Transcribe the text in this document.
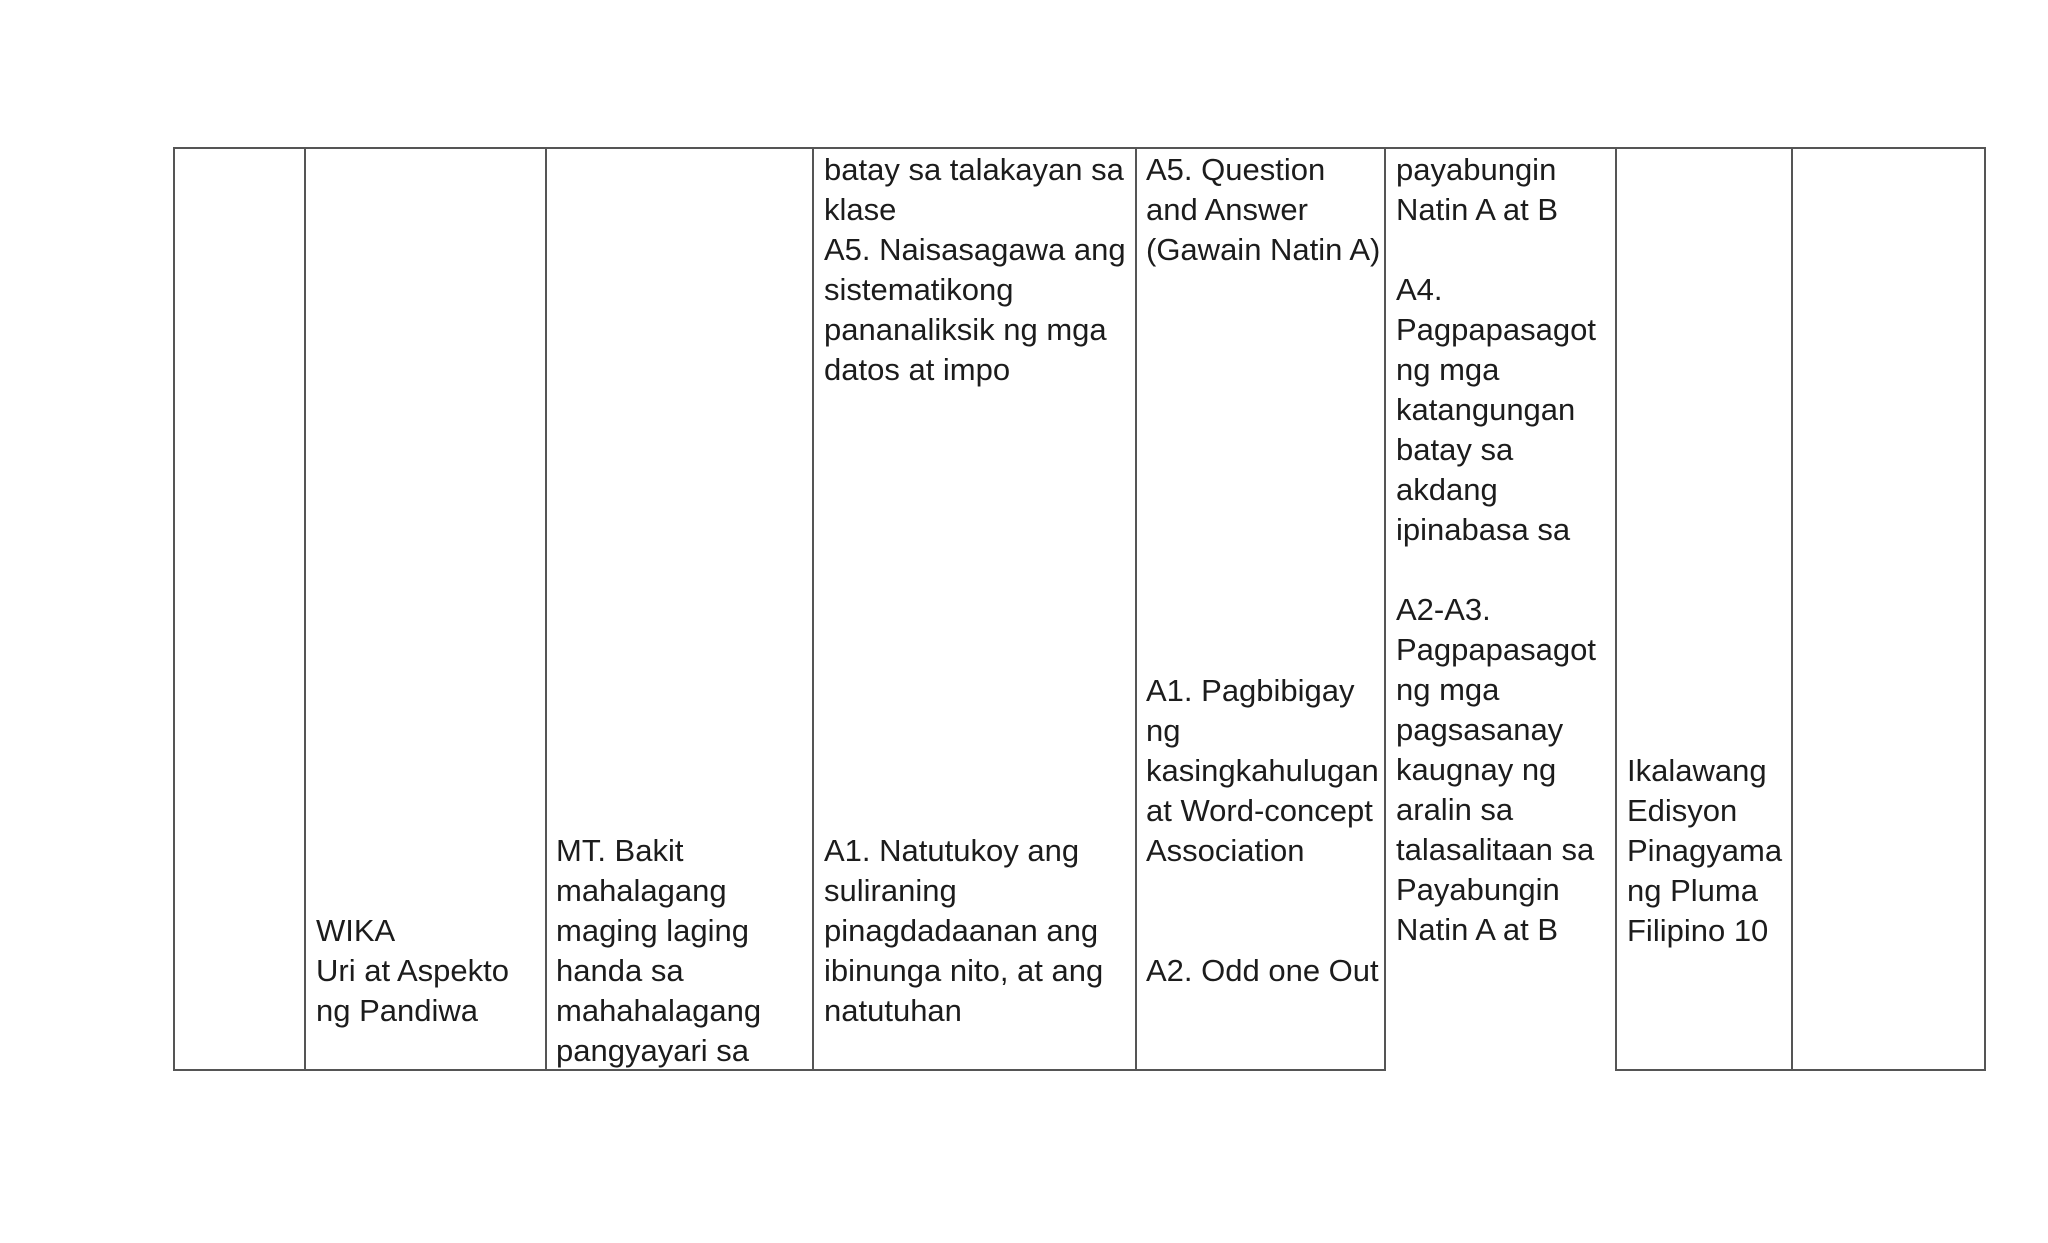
WIKA
Uri at Aspekto
ng Pandiwa
MT. Bakit
mahalagang
maging laging
handa sa
mahahalagang
pangyayari sa
batay sa talakayan sa
klase
A5. Naisasagawa ang
sistematikong
pananaliksik ng mga
datos at impo
A1. Natutukoy ang
suliraning
pinagdadaanan ang
ibinunga nito, at ang
natutuhan
A5. Question
and Answer
(Gawain Natin A)
A1. Pagbibigay
ng
kasingkahulugan
at Word-concept
Association
A2. Odd one Out
payabungin
Natin A at B

A4.
Pagpapasagot
ng mga
katangungan
batay sa
akdang
ipinabasa sa

A2-A3.
Pagpapasagot
ng mga
pagsasanay
kaugnay ng
aralin sa
talasalitaan sa
Payabungin
Natin A at B
Ikalawang
Edisyon
Pinagyama
ng Pluma
Filipino 10
